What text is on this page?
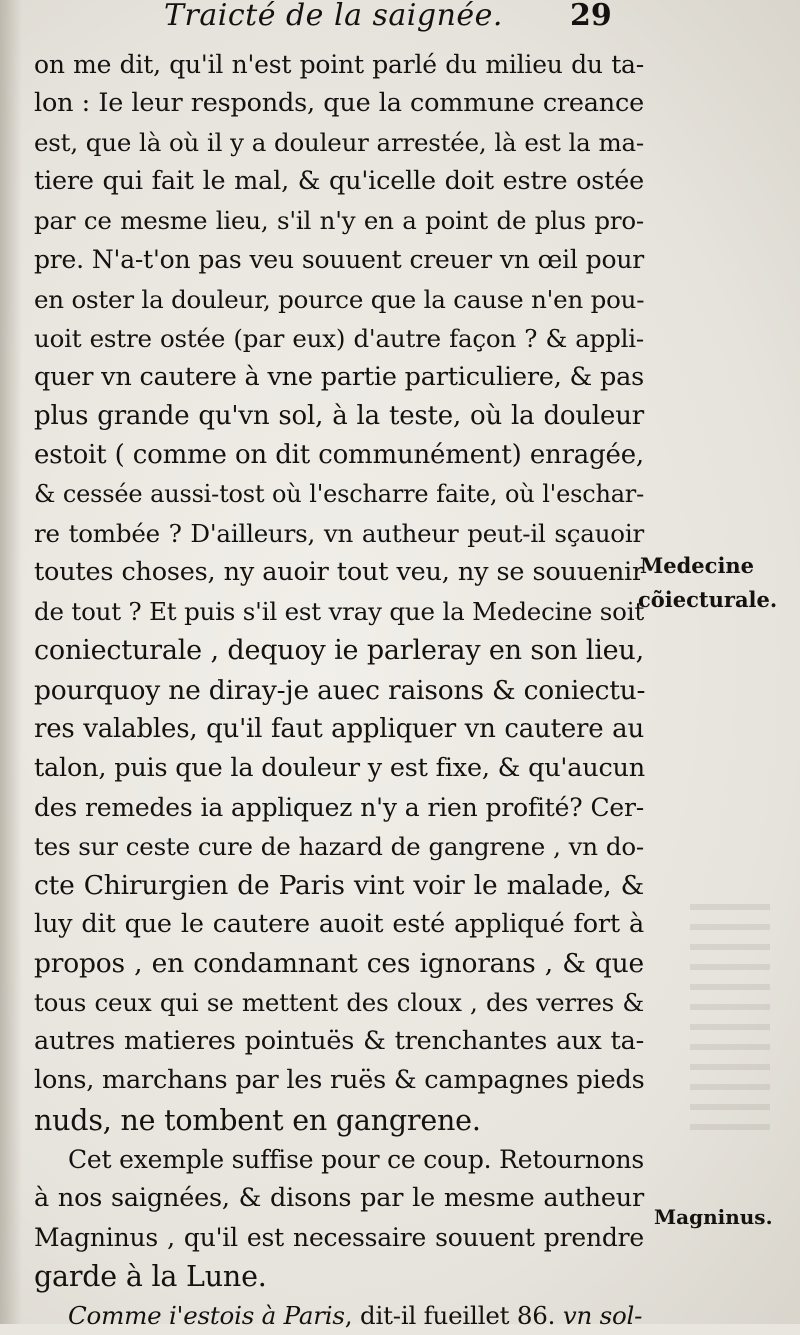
Traicté de la saignée. 29
on me dit, qu'il n'est point parlé du milieu du ta-
lon : Ie leur responds, que la commune creance
est, que là où il y a douleur arrestée, là est la ma-
tiere qui fait le mal, & qu'icelle doit estre ostée
par ce mesme lieu, s'il n'y en a point de plus pro-
pre. N'a-t'on pas veu souuent creuer vn œil pour
en oster la douleur, pource que la cause n'en pou-
uoit estre ostée (par eux) d'autre façon ? & appli-
quer vn cautere à vne partie particuliere, & pas
plus grande qu'vn sol, à la teste, où la douleur
estoit ( comme on dit communément) enragée,
& cessée aussi-tost où l'escharre faite, où l'eschar-
re tombée ? D'ailleurs, vn autheur peut-il sçauoir
toutes choses, ny auoir tout veu, ny se souuenir
de tout ? Et puis s'il est vray que la Medecine soit
coniecturale , dequoy ie parleray en son lieu,
pourquoy ne diray-je auec raisons & coniectu-
res valables, qu'il faut appliquer vn cautere au
talon, puis que la douleur y est fixe, & qu'aucun
des remedes ia appliquez n'y a rien profité? Cer-
tes sur ceste cure de hazard de gangrene , vn do-
cte Chirurgien de Paris vint voir le malade, &
luy dit que le cautere auoit esté appliqué fort à
propos , en condamnant ces ignorans , & que
tous ceux qui se mettent des cloux , des verres &
autres matieres pointuës & trenchantes aux ta-
lons, marchans par les ruës & campagnes pieds
nuds, ne tombent en gangrene.
Cet exemple suffise pour ce coup. Retournons
à nos saignées, & disons par le mesme autheur
Magninus , qu'il est necessaire souuent prendre
garde à la Lune.
Comme i'estois à Paris, dit-il fueillet 86. vn sol-
Medecine
cõiecturale.
Magninus.
